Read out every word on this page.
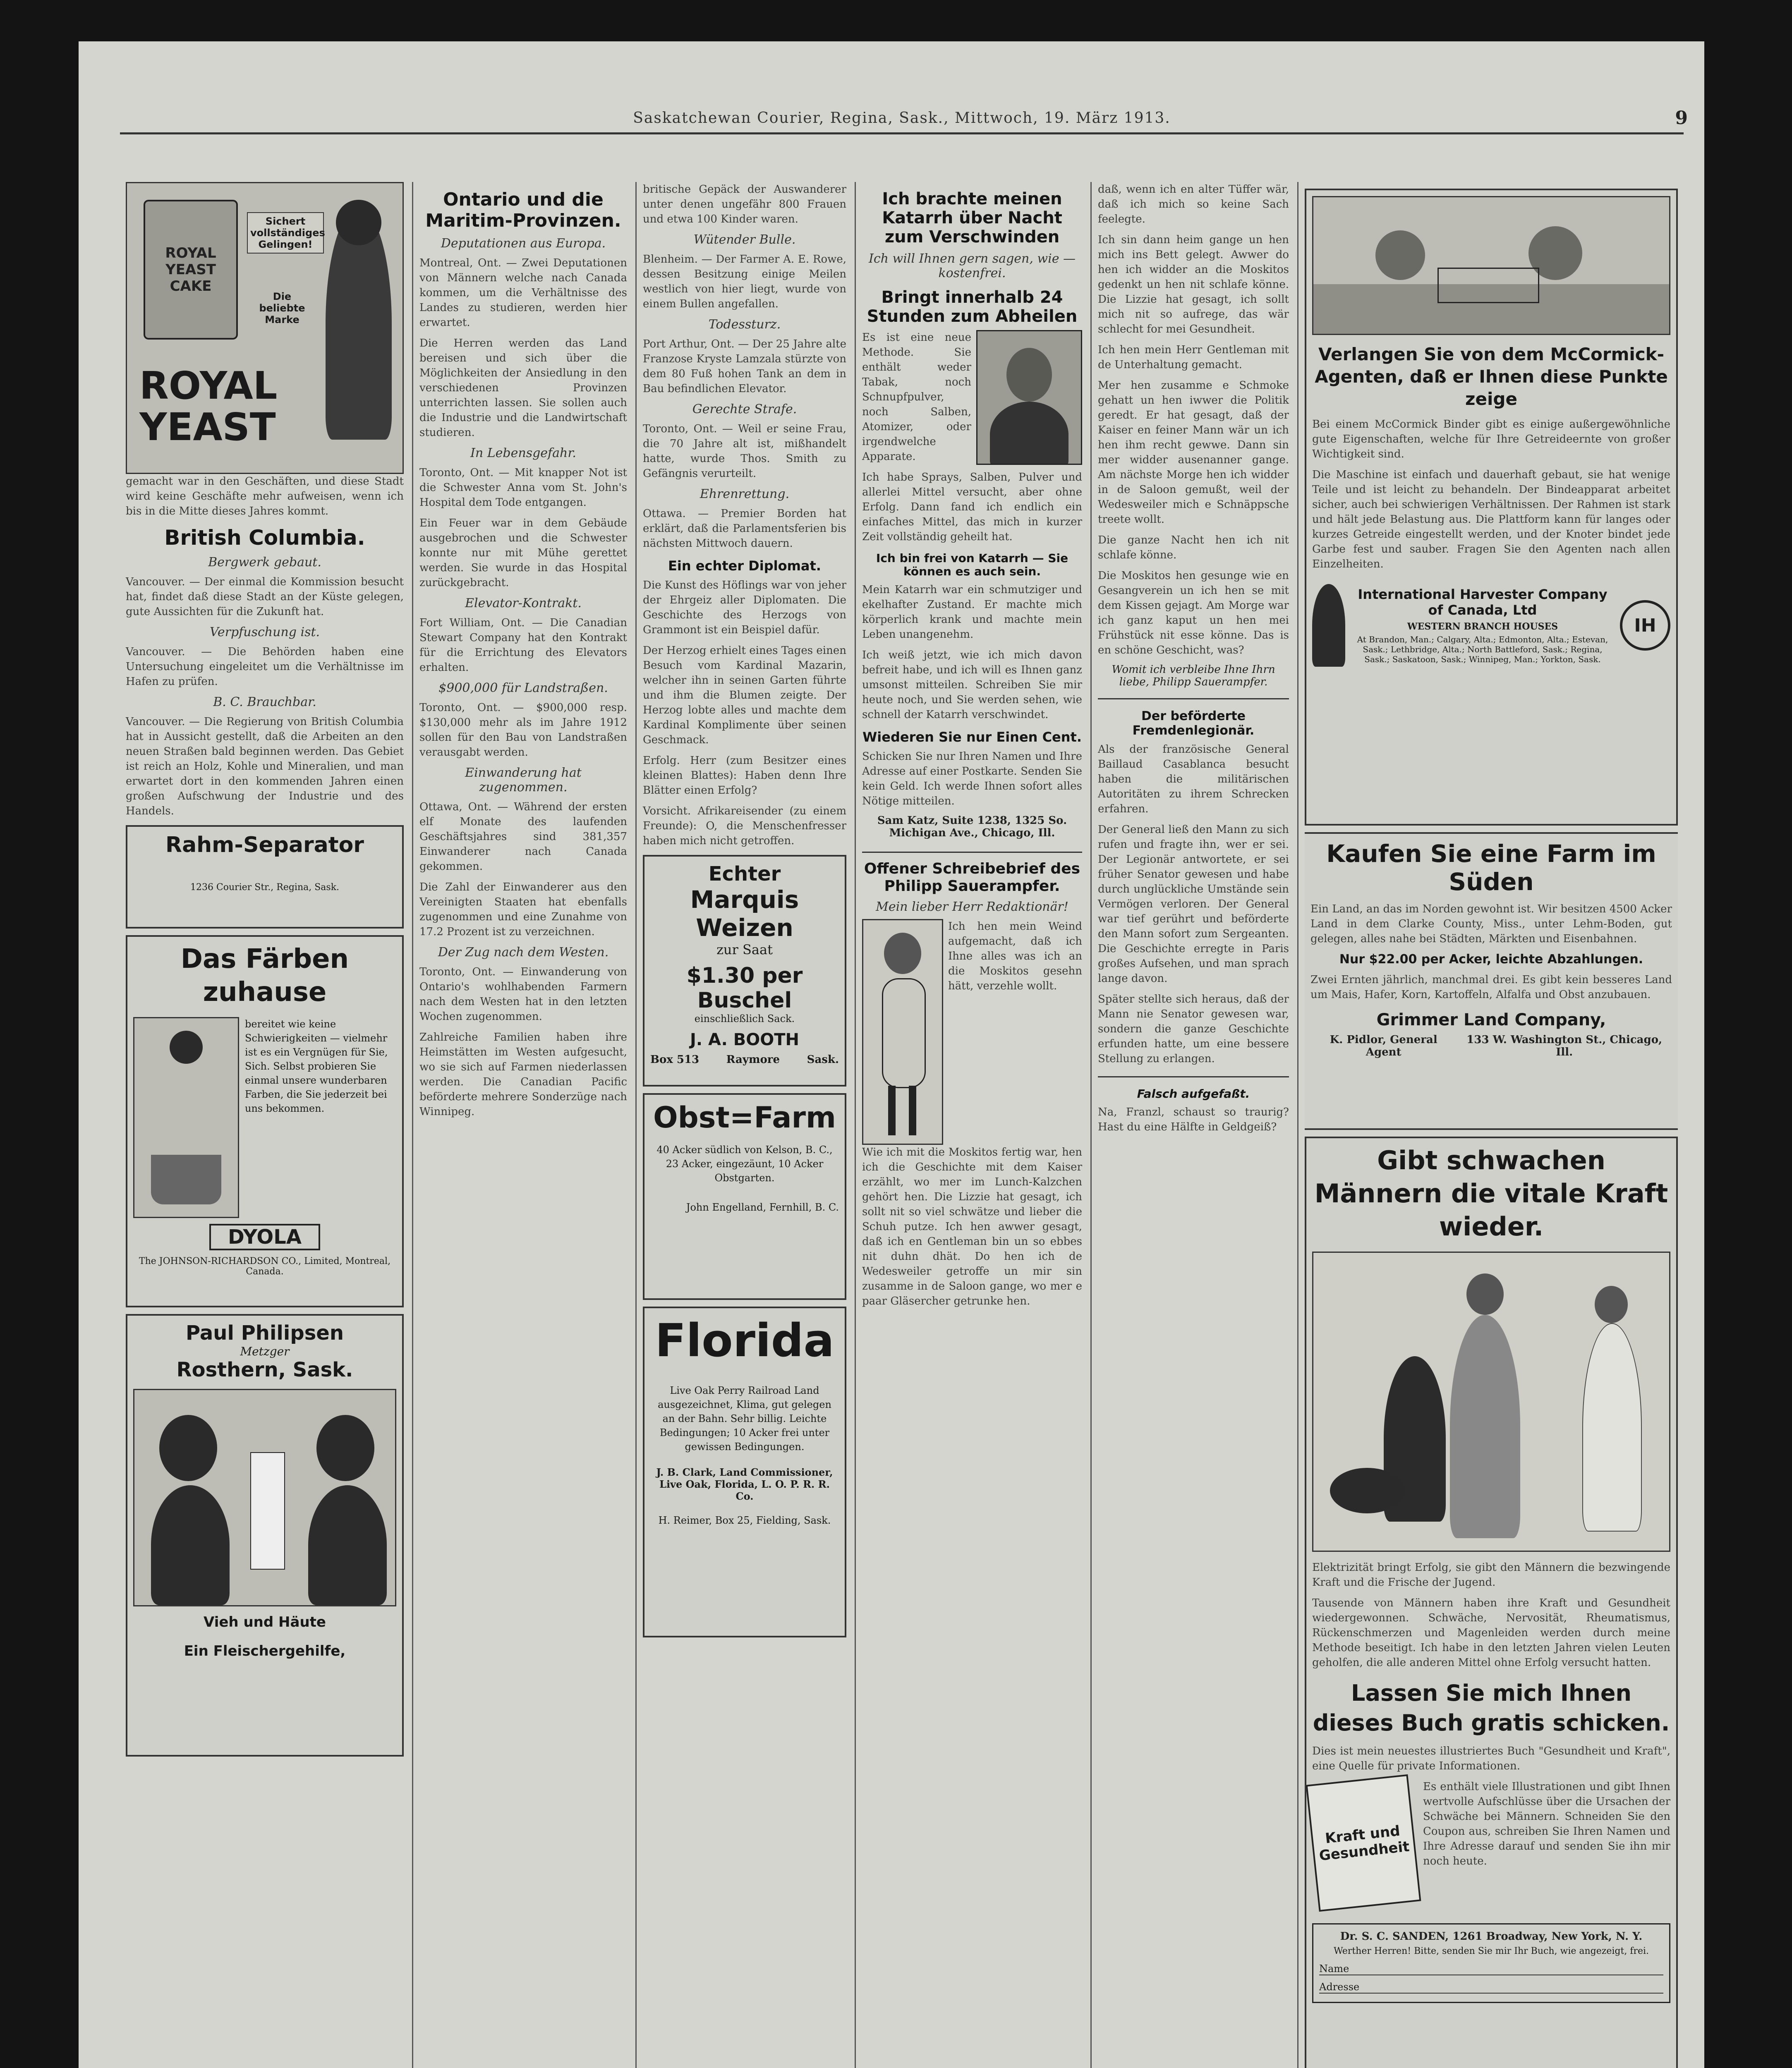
Saskatchewan Courier, Regina, Sask., Mittwoch, 19. März 1913.	9
ROYAL YEAST CAKE
Sichert vollständiges Gelingen!
Die beliebte Marke
ROYAL YEAST

gemacht war in den Geschäften, und diese Stadt wird keine Geschäfte mehr aufweisen, wenn ich bis in die Mitte dieses Jahres kommt.

British Columbia.
Bergwerk gebaut.

Vancouver. — Der einmal die Kommission besucht hat, findet daß diese Stadt an der Küste gelegen, gute Aussichten für die Zukunft hat.

Verpfuschung ist.

Vancouver. — Die Behörden haben eine Untersuchung eingeleitet um die Verhältnisse im Hafen zu prüfen.

B. C. Brauchbar.

Vancouver. — Die Regierung von British Columbia hat in Aussicht gestellt, daß die Arbeiten an den neuen Straßen bald beginnen werden. Das Gebiet ist reich an Holz, Kohle und Mineralien, und man erwartet dort in den kommenden Jahren einen großen Aufschwung der Industrie und des Handels.

Rahm-Separator
1236 Courier Str., Regina, Sask.
Das Färben zuhause
bereitet wie keine Schwierigkeiten — vielmehr ist es ein Vergnügen für Sie, Sich. Selbst probieren Sie einmal unsere wunderbaren Farben, die Sie jederzeit bei uns bekommen.
DYOLA
The JOHNSON-RICHARDSON CO., Limited, Montreal, Canada.
Paul Philipsen
Metzger
Rosthern, Sask.
Vieh und Häute
Ein Fleischergehilfe,
Ontario und die Maritim-Provinzen.
Deputationen aus Europa.

Montreal, Ont. — Zwei Deputationen von Männern welche nach Canada kommen, um die Verhältnisse des Landes zu studieren, werden hier erwartet.

Die Herren werden das Land bereisen und sich über die Möglichkeiten der Ansiedlung in den verschiedenen Provinzen unterrichten lassen. Sie sollen auch die Industrie und die Landwirtschaft studieren.

In Lebensgefahr.

Toronto, Ont. — Mit knapper Not ist die Schwester Anna vom St. John's Hospital dem Tode entgangen.

Ein Feuer war in dem Gebäude ausgebrochen und die Schwester konnte nur mit Mühe gerettet werden. Sie wurde in das Hospital zurückgebracht.

Elevator-Kontrakt.

Fort William, Ont. — Die Canadian Stewart Company hat den Kontrakt für die Errichtung des Elevators erhalten.

$900,000 für Landstraßen.

Toronto, Ont. — $900,000 resp. $130,000 mehr als im Jahre 1912 sollen für den Bau von Landstraßen verausgabt werden.

Einwanderung hat zugenommen.

Ottawa, Ont. — Während der ersten elf Monate des laufenden Geschäftsjahres sind 381,357 Einwanderer nach Canada gekommen.

Die Zahl der Einwanderer aus den Vereinigten Staaten hat ebenfalls zugenommen und eine Zunahme von 17.2 Prozent ist zu verzeichnen.

Der Zug nach dem Westen.

Toronto, Ont. — Einwanderung von Ontario's wohlhabenden Farmern nach dem Westen hat in den letzten Wochen zugenommen.

Zahlreiche Familien haben ihre Heimstätten im Westen aufgesucht, wo sie sich auf Farmen niederlassen werden. Die Canadian Pacific beförderte mehrere Sonderzüge nach Winnipeg.

britische Gepäck der Auswanderer unter denen ungefähr 800 Frauen und etwa 100 Kinder waren.

Wütender Bulle.

Blenheim. — Der Farmer A. E. Rowe, dessen Besitzung einige Meilen westlich von hier liegt, wurde von einem Bullen angefallen.

Todessturz.

Port Arthur, Ont. — Der 25 Jahre alte Franzose Kryste Lamzala stürzte von dem 80 Fuß hohen Tank an dem in Bau befindlichen Elevator.

Gerechte Strafe.

Toronto, Ont. — Weil er seine Frau, die 70 Jahre alt ist, mißhandelt hatte, wurde Thos. Smith zu Gefängnis verurteilt.

Ehrenrettung.

Ottawa. — Premier Borden hat erklärt, daß die Parlamentsferien bis nächsten Mittwoch dauern.

Ein echter Diplomat.

Die Kunst des Höflings war von jeher der Ehrgeiz aller Diplomaten. Die Geschichte des Herzogs von Grammont ist ein Beispiel dafür.

Der Herzog erhielt eines Tages einen Besuch vom Kardinal Mazarin, welcher ihn in seinen Garten führte und ihm die Blumen zeigte. Der Herzog lobte alles und machte dem Kardinal Komplimente über seinen Geschmack.

Erfolg. Herr (zum Besitzer eines kleinen Blattes): Haben denn Ihre Blätter einen Erfolg?

Vorsicht. Afrikareisender (zu einem Freunde): O, die Menschenfresser haben mich nicht getroffen.

Echter
Marquis Weizen
zur Saat
$1.30 per Buschel
einschließlich Sack.
J. A. BOOTH
Box 513	Raymore	Sask.
Obst=Farm
40 Acker südlich von Kelson, B. C., 23 Acker, eingezäunt, 10 Acker Obstgarten.
John Engelland, Fernhill, B. C.
Florida
Live Oak Perry Railroad Land ausgezeichnet, Klima, gut gelegen an der Bahn. Sehr billig. Leichte Bedingungen; 10 Acker frei unter gewissen Bedingungen.
J. B. Clark, Land Commissioner, Live Oak, Florida, L. O. P. R. R. Co.
H. Reimer, Box 25, Fielding, Sask.
Ich brachte meinen Katarrh über Nacht zum Verschwinden
Ich will Ihnen gern sagen, wie — kostenfrei.
Bringt innerhalb 24 Stunden zum Abheilen

Es ist eine neue Methode. Sie enthält weder Tabak, noch Schnupfpulver, noch Salben, Atomizer, oder irgendwelche Apparate.

Ich habe Sprays, Salben, Pulver und allerlei Mittel versucht, aber ohne Erfolg. Dann fand ich endlich ein einfaches Mittel, das mich in kurzer Zeit vollständig geheilt hat.

Ich bin frei von Katarrh — Sie können es auch sein.

Mein Katarrh war ein schmutziger und ekelhafter Zustand. Er machte mich körperlich krank und machte mein Leben unangenehm.

Ich weiß jetzt, wie ich mich davon befreit habe, und ich will es Ihnen ganz umsonst mitteilen. Schreiben Sie mir heute noch, und Sie werden sehen, wie schnell der Katarrh verschwindet.

Wiederen Sie nur Einen Cent.

Schicken Sie nur Ihren Namen und Ihre Adresse auf einer Postkarte. Senden Sie kein Geld. Ich werde Ihnen sofort alles Nötige mitteilen.

Sam Katz, Suite 1238, 1325 So. Michigan Ave., Chicago, Ill.
Offener Schreibebrief des Philipp Sauerampfer.
Mein lieber Herr Redaktionär!

Ich hen mein Weind aufgemacht, daß ich Ihne alles was ich an die Moskitos gesehn hätt, verzehle wollt.

Wie ich mit die Moskitos fertig war, hen ich die Geschichte mit dem Kaiser erzählt, wo mer im Lunch-Kalzchen gehört hen. Die Lizzie hat gesagt, ich sollt nit so viel schwätze und lieber die Schuh putze. Ich hen awwer gesagt, daß ich en Gentleman bin un so ebbes nit duhn dhät. Do hen ich de Wedesweiler getroffe un mir sin zusamme in de Saloon gange, wo mer e paar Gläsercher getrunke hen.

daß, wenn ich en alter Tüffer wär, daß ich mich so keine Sach feelegte.

Ich sin dann heim gange un hen mich ins Bett gelegt. Awwer do hen ich widder an die Moskitos gedenkt un hen nit schlafe könne. Die Lizzie hat gesagt, ich sollt mich nit so aufrege, das wär schlecht for mei Gesundheit.

Ich hen mein Herr Gentleman mit de Unterhaltung gemacht.

Mer hen zusamme e Schmoke gehatt un hen iwwer die Politik geredt. Er hat gesagt, daß der Kaiser en feiner Mann wär un ich hen ihm recht gewwe. Dann sin mer widder ausenanner gange. Am nächste Morge hen ich widder in de Saloon gemußt, weil der Wedesweiler mich e Schnäppsche treete wollt.

Die ganze Nacht hen ich nit schlafe könne.

Die Moskitos hen gesunge wie en Gesangverein un ich hen se mit dem Kissen gejagt. Am Morge war ich ganz kaput un hen mei Frühstück nit esse könne. Das is en schöne Geschicht, was?

Womit ich verbleibe Ihne Ihrn liebe, Philipp Sauerampfer.
Der beförderte Fremdenlegionär.

Als der französische General Baillaud Casablanca besucht haben die militärischen Autoritäten zu ihrem Schrecken erfahren.

Der General ließ den Mann zu sich rufen und fragte ihn, wer er sei. Der Legionär antwortete, er sei früher Senator gewesen und habe durch unglückliche Umstände sein Vermögen verloren. Der General war tief gerührt und beförderte den Mann sofort zum Sergeanten. Die Geschichte erregte in Paris großes Aufsehen, und man sprach lange davon.

Später stellte sich heraus, daß der Mann nie Senator gewesen war, sondern die ganze Geschichte erfunden hatte, um eine bessere Stellung zu erlangen.

Falsch aufgefaßt.

Na, Franzl, schaust so traurig? Hast du eine Hälfte in Geldgeiß?

Verlangen Sie von dem McCormick-Agenten, daß er Ihnen diese Punkte zeige

Bei einem McCormick Binder gibt es einige außergewöhnliche gute Eigenschaften, welche für Ihre Getreideernte von großer Wichtigkeit sind.

Die Maschine ist einfach und dauerhaft gebaut, sie hat wenige Teile und ist leicht zu behandeln. Der Bindeapparat arbeitet sicher, auch bei schwierigen Verhältnissen. Der Rahmen ist stark und hält jede Belastung aus. Die Plattform kann für langes oder kurzes Getreide eingestellt werden, und der Knoter bindet jede Garbe fest und sauber. Fragen Sie den Agenten nach allen Einzelheiten.

International Harvester Company of Canada, Ltd
WESTERN BRANCH HOUSES
At Brandon, Man.; Calgary, Alta.; Edmonton, Alta.; Estevan, Sask.; Lethbridge, Alta.; North Battleford, Sask.; Regina, Sask.; Saskatoon, Sask.; Winnipeg, Man.; Yorkton, Sask.
IH
Kaufen Sie eine Farm im Süden

Ein Land, an das im Norden gewohnt ist. Wir besitzen 4500 Acker Land in dem Clarke County, Miss., unter Lehm-Boden, gut gelegen, alles nahe bei Städten, Märkten und Eisenbahnen.

Nur $22.00 per Acker, leichte Abzahlungen.

Zwei Ernten jährlich, manchmal drei. Es gibt kein besseres Land um Mais, Hafer, Korn, Kartoffeln, Alfalfa und Obst anzubauen.

Grimmer Land Company,
K. Pidlor, General Agent
133 W. Washington St., Chicago, Ill.
Gibt schwachen Männern die vitale Kraft wieder.

Elektrizität bringt Erfolg, sie gibt den Männern die bezwingende Kraft und die Frische der Jugend.

Tausende von Männern haben ihre Kraft und Gesundheit wiedergewonnen. Schwäche, Nervosität, Rheumatismus, Rückenschmerzen und Magenleiden werden durch meine Methode beseitigt. Ich habe in den letzten Jahren vielen Leuten geholfen, die alle anderen Mittel ohne Erfolg versucht hatten.

Lassen Sie mich Ihnen dieses Buch gratis schicken.

Dies ist mein neuestes illustriertes Buch "Gesundheit und Kraft", eine Quelle für private Informationen.

Kraft und Gesundheit

Es enthält viele Illustrationen und gibt Ihnen wertvolle Aufschlüsse über die Ursachen der Schwäche bei Männern. Schneiden Sie den Coupon aus, schreiben Sie Ihren Namen und Ihre Adresse darauf und senden Sie ihn mir noch heute.

Dr. S. C. SANDEN, 1261 Broadway, New York, N. Y.
Werther Herren! Bitte, senden Sie mir Ihr Buch, wie angezeigt, frei.
Name
Adresse
